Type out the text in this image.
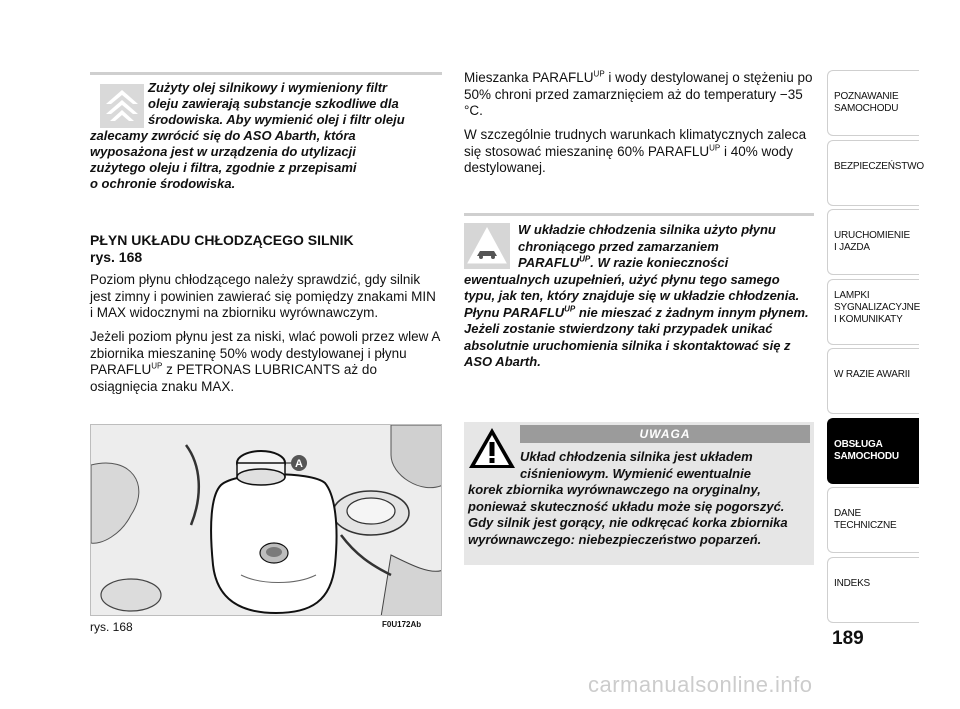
Zużyty olej silnikowy i wymieniony filtr
oleju zawierają substancje szkodliwe dla
środowiska. Aby wymienić olej i filtr oleju
zalecamy zwrócić się do ASO Abarth, która
wyposażona jest w urządzenia do utylizacji
zużytego oleju i filtra, zgodnie z przepisami
o ochronie środowiska.
PŁYN UKŁADU CHŁODZĄCEGO SILNIK
rys. 168

Poziom płynu chłodzącego należy sprawdzić, gdy silnik jest zimny i powinien zawierać się pomiędzy znakami MIN i MAX widocznymi na zbiorniku wyrównawczym.

Jeżeli poziom płynu jest za niski, wlać powoli przez wlew A zbiornika mieszaninę 50% wody destylowanej i płynu $PARAFLU^{UP}$ z PETRONAS LUBRICANTS aż do osiągnięcia znaku MAX.

A
rys. 168	F0U172Ab

Mieszanka $PARAFLU^{UP}$ i wody destylowanej o stężeniu po 50% chroni przed zamarznięciem aż do temperatury −35 °C.

W szczególnie trudnych warunkach klimatycznych zaleca się stosować mieszaninę 60% $PARAFLU^{UP}$ i 40% wody destylowanej.

W układzie chłodzenia silnika użyto płynu
chroniącego przed zamarzaniem
$PARAFLU^{UP}$. W razie konieczności
ewentualnych uzupełnień, użyć płynu tego samego typu, jak ten, który znajduje się w układzie chłodzenia. Płynu $PARAFLU^{UP}$ nie mieszać z żadnym innym płynem. Jeżeli zostanie stwierdzony taki przypadek unikać absolutnie uruchomienia silnika i skontaktować się z ASO Abarth.
UWAGA
Układ chłodzenia silnika jest układem
ciśnieniowym. Wymienić ewentualnie
korek zbiornika wyrównawczego na oryginalny, ponieważ skuteczność układu może się pogorszyć. Gdy silnik jest gorący, nie odkręcać korka zbiornika wyrównawczego: niebezpieczeństwo poparzeń.
POZNAWANIE
SAMOCHODU
BEZPIECZEŃSTWO
URUCHOMIENIE
I JAZDA
LAMPKI
SYGNALIZACYJNE
I KOMUNIKATY
W RAZIE AWARII
OBSŁUGA
SAMOCHODU
DANE
TECHNICZNE
INDEKS
189
carmanualsonline.info
